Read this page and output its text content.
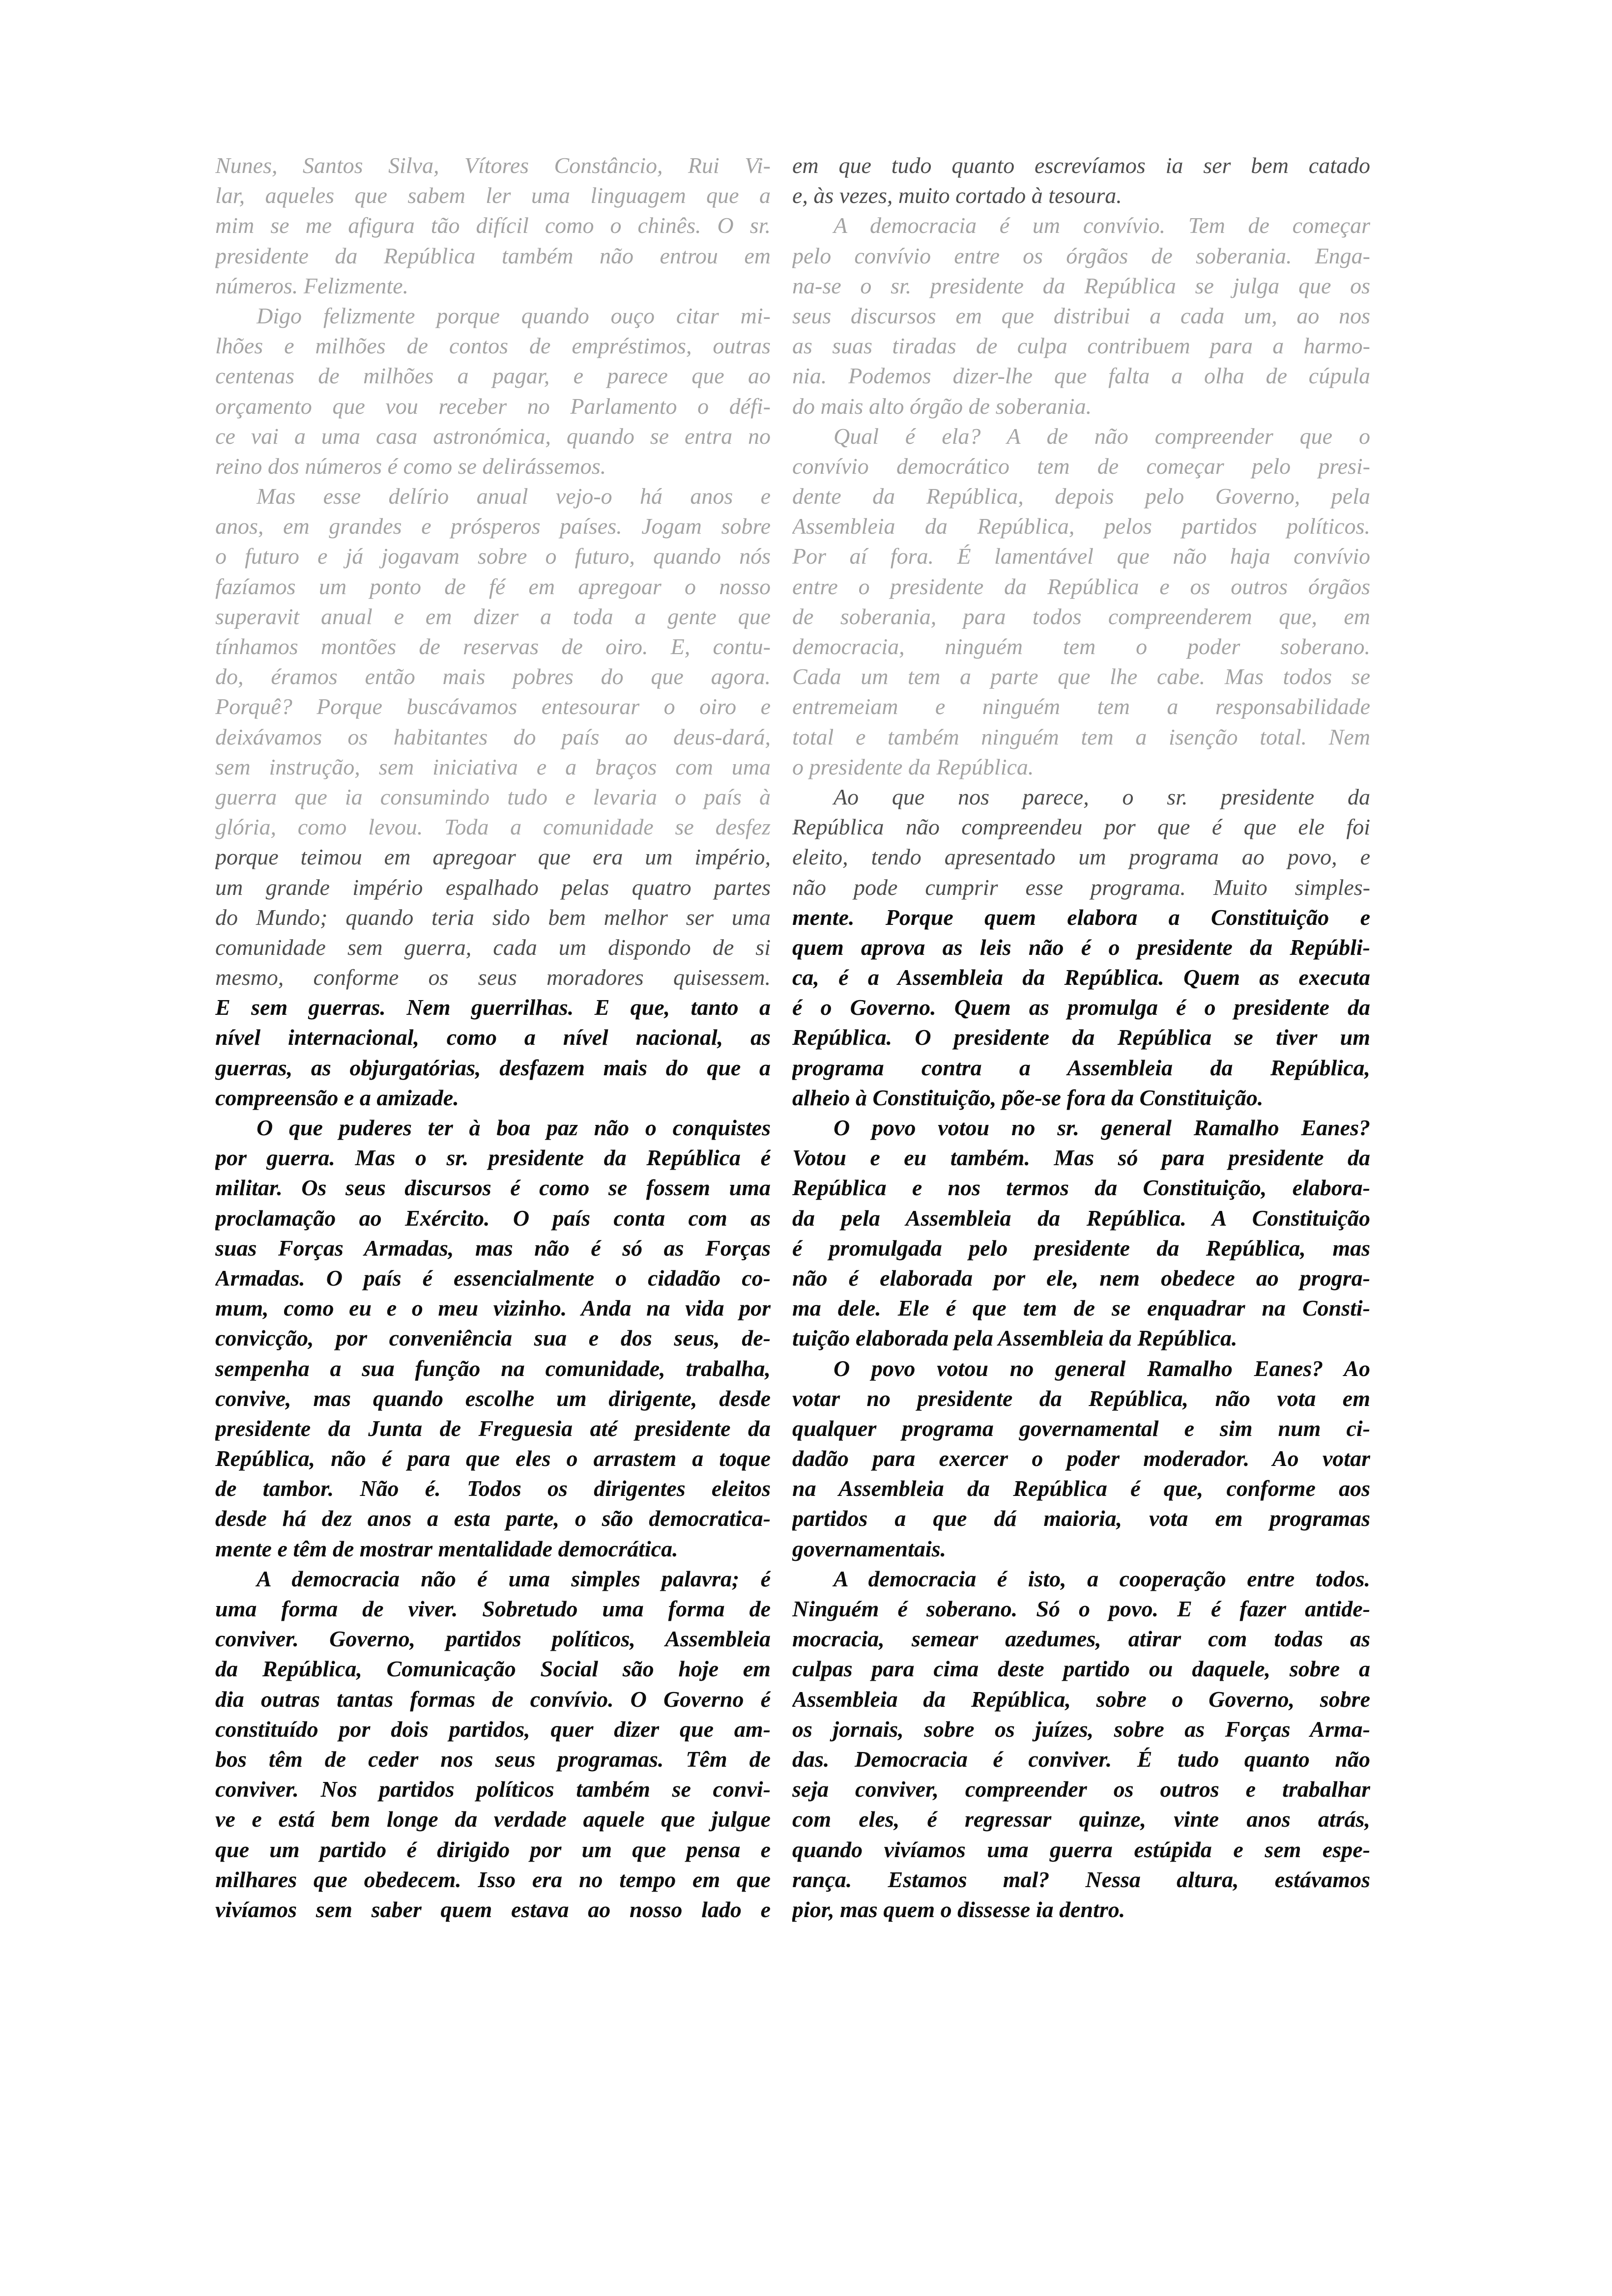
Nunes, Santos Silva, Vítores Constâncio, Rui Vi-
lar, aqueles que sabem ler uma linguagem que a
mim se me afigura tão difícil como o chinês. O sr.
presidente da República também não entrou em
números. Felizmente.
Digo felizmente porque quando ouço citar mi-
lhões e milhões de contos de empréstimos, outras
centenas de milhões a pagar, e parece que ao
orçamento que vou receber no Parlamento o défi-
ce vai a uma casa astronómica, quando se entra no
reino dos números é como se delirássemos.
Mas esse delírio anual vejo-o há anos e
anos, em grandes e prósperos países. Jogam sobre
o futuro e já jogavam sobre o futuro, quando nós
fazíamos um ponto de fé em apregoar o nosso
superavit anual e em dizer a toda a gente que
tínhamos montões de reservas de oiro. E, contu-
do, éramos então mais pobres do que agora.
Porquê? Porque buscávamos entesourar o oiro e
deixávamos os habitantes do país ao deus-dará,
sem instrução, sem iniciativa e a braços com uma
guerra que ia consumindo tudo e levaria o país à
glória, como levou. Toda a comunidade se desfez
porque teimou em apregoar que era um império,
um grande império espalhado pelas quatro partes
do Mundo; quando teria sido bem melhor ser uma
comunidade sem guerra, cada um dispondo de si
mesmo, conforme os seus moradores quisessem.
E sem guerras. Nem guerrilhas. E que, tanto a
nível internacional, como a nível nacional, as
guerras, as objurgatórias, desfazem mais do que a
compreensão e a amizade.
O que puderes ter à boa paz não o conquistes
por guerra. Mas o sr. presidente da República é
militar. Os seus discursos é como se fossem uma
proclamação ao Exército. O país conta com as
suas Forças Armadas, mas não é só as Forças
Armadas. O país é essencialmente o cidadão co-
mum, como eu e o meu vizinho. Anda na vida por
convicção, por conveniência sua e dos seus, de-
sempenha a sua função na comunidade, trabalha,
convive, mas quando escolhe um dirigente, desde
presidente da Junta de Freguesia até presidente da
República, não é para que eles o arrastem a toque
de tambor. Não é. Todos os dirigentes eleitos
desde há dez anos a esta parte, o são democratica-
mente e têm de mostrar mentalidade democrática.
A democracia não é uma simples palavra; é
uma forma de viver. Sobretudo uma forma de
conviver. Governo, partidos políticos, Assembleia
da República, Comunicação Social são hoje em
dia outras tantas formas de convívio. O Governo é
constituído por dois partidos, quer dizer que am-
bos têm de ceder nos seus programas. Têm de
conviver. Nos partidos políticos também se convi-
ve e está bem longe da verdade aquele que julgue
que um partido é dirigido por um que pensa e
milhares que obedecem. Isso era no tempo em que
vivíamos sem saber quem estava ao nosso lado e
em que tudo quanto escrevíamos ia ser bem catado
e, às vezes, muito cortado à tesoura.
A democracia é um convívio. Tem de começar
pelo convívio entre os órgãos de soberania. Enga-
na-se o sr. presidente da República se julga que os
seus discursos em que distribui a cada um, ao nos
as suas tiradas de culpa contribuem para a harmo-
nia. Podemos dizer-lhe que falta a olha de cúpula
do mais alto órgão de soberania.
Qual é ela? A de não compreender que o
convívio democrático tem de começar pelo presi-
dente da República, depois pelo Governo, pela
Assembleia da República, pelos partidos políticos.
Por aí fora. É lamentável que não haja convívio
entre o presidente da República e os outros órgãos
de soberania, para todos compreenderem que, em
democracia, ninguém tem o poder soberano.
Cada um tem a parte que lhe cabe. Mas todos se
entremeiam e ninguém tem a responsabilidade
total e também ninguém tem a isenção total. Nem
o presidente da República.
Ao que nos parece, o sr. presidente da
República não compreendeu por que é que ele foi
eleito, tendo apresentado um programa ao povo, e
não pode cumprir esse programa. Muito simples-
mente. Porque quem elabora a Constituição e
quem aprova as leis não é o presidente da Repúbli-
ca, é a Assembleia da República. Quem as executa
é o Governo. Quem as promulga é o presidente da
República. O presidente da República se tiver um
programa contra a Assembleia da República,
alheio à Constituição, põe-se fora da Constituição.
O povo votou no sr. general Ramalho Eanes?
Votou e eu também. Mas só para presidente da
República e nos termos da Constituição, elabora-
da pela Assembleia da República. A Constituição
é promulgada pelo presidente da República, mas
não é elaborada por ele, nem obedece ao progra-
ma dele. Ele é que tem de se enquadrar na Consti-
tuição elaborada pela Assembleia da República.
O povo votou no general Ramalho Eanes? Ao
votar no presidente da República, não vota em
qualquer programa governamental e sim num ci-
dadão para exercer o poder moderador. Ao votar
na Assembleia da República é que, conforme aos
partidos a que dá maioria, vota em programas
governamentais.
A democracia é isto, a cooperação entre todos.
Ninguém é soberano. Só o povo. E é fazer antide-
mocracia, semear azedumes, atirar com todas as
culpas para cima deste partido ou daquele, sobre a
Assembleia da República, sobre o Governo, sobre
os jornais, sobre os juízes, sobre as Forças Arma-
das. Democracia é conviver. É tudo quanto não
seja conviver, compreender os outros e trabalhar
com eles, é regressar quinze, vinte anos atrás,
quando vivíamos uma guerra estúpida e sem espe-
rança. Estamos mal? Nessa altura, estávamos
pior, mas quem o dissesse ia dentro.
